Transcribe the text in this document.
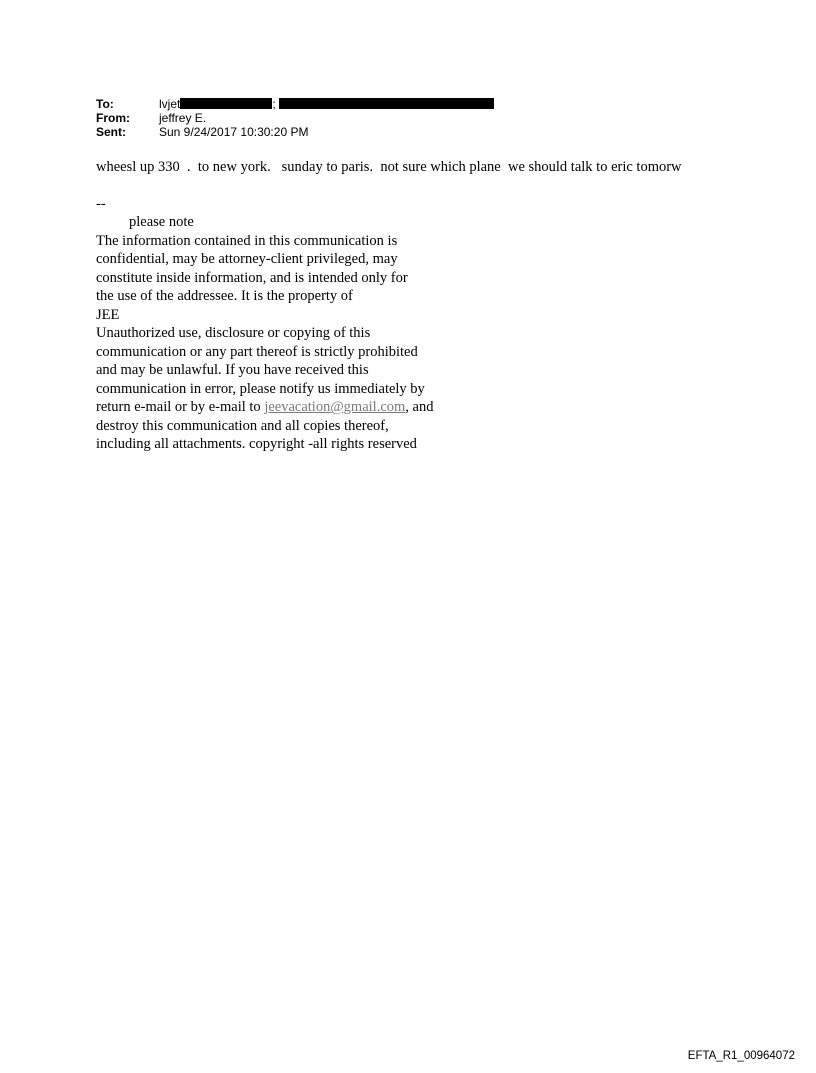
To:	lvjet	;
From: jeffrey E.
Sent:	Sun 9/24/2017 10:30:20 PM

wheesl up 330  .  to new york.   sunday to paris.  not sure which plane  we should talk to eric tomorw

--

please note

The information contained in this communication is

confidential, may be attorney-client privileged, may

constitute inside information, and is intended only for

the use of the addressee. It is the property of

JEE

Unauthorized use, disclosure or copying of this

communication or any part thereof is strictly prohibited

and may be unlawful. If you have received this

communication in error, please notify us immediately by

return e-mail or by e-mail to jeevacation@gmail.com, and

destroy this communication and all copies thereof,

including all attachments. copyright -all rights reserved

EFTA_R1_00964072
